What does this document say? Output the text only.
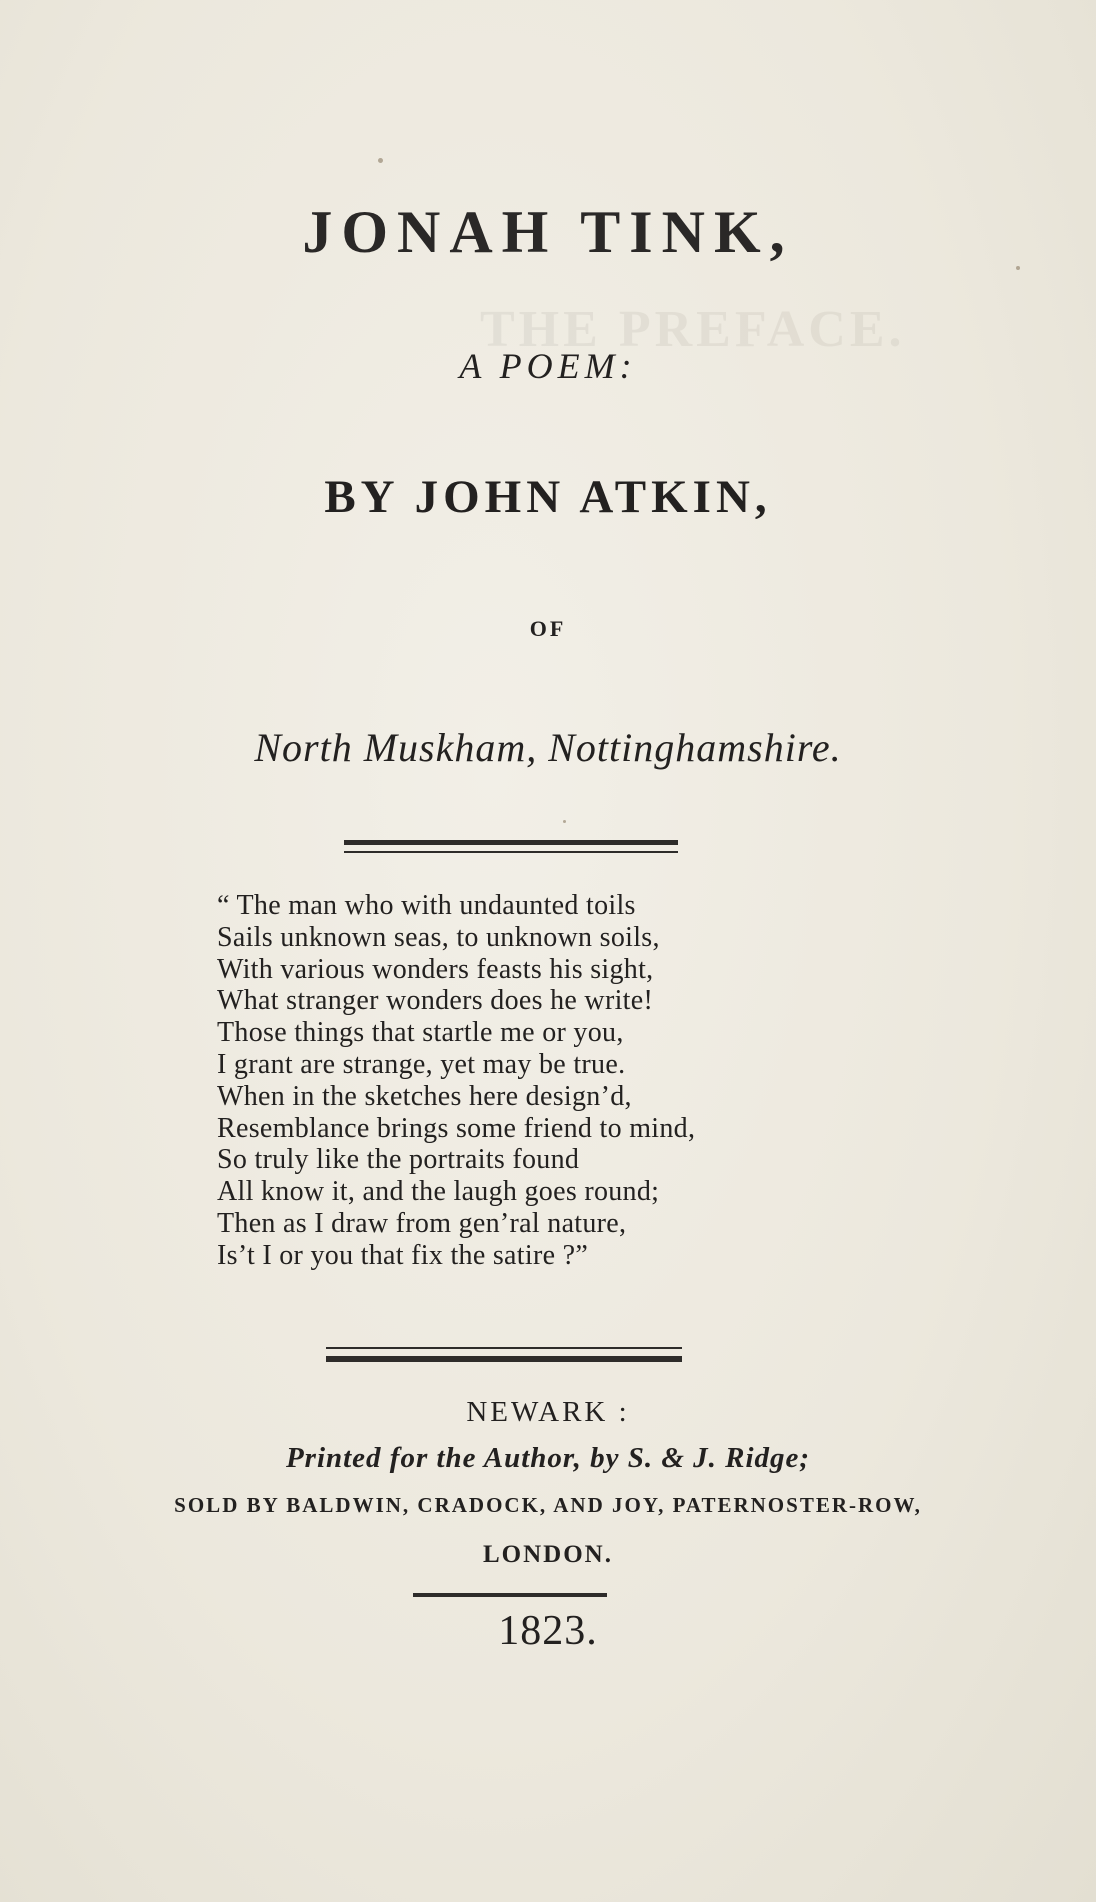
THE PREFACE.
JONAH TINK,

A POEM:

BY JOHN ATKIN,

OF

North Muskham, Nottinghamshire.

“ The man who with undaunted toils
Sails unknown seas, to unknown soils,
With various wonders feasts his sight,
What stranger wonders does he write!
Those things that startle me or you,
I grant are strange, yet may be true.
When in the sketches here design’d,
Resemblance brings some friend to mind,
So truly like the portraits found
All know it, and the laugh goes round;
Then as I draw from gen’ral nature,
Is’t I or you that fix the satire ?”

NEWARK :

Printed for the Author, by S. & J. Ridge;

SOLD BY BALDWIN, CRADOCK, AND JOY, PATERNOSTER-ROW,

LONDON.

1823.
